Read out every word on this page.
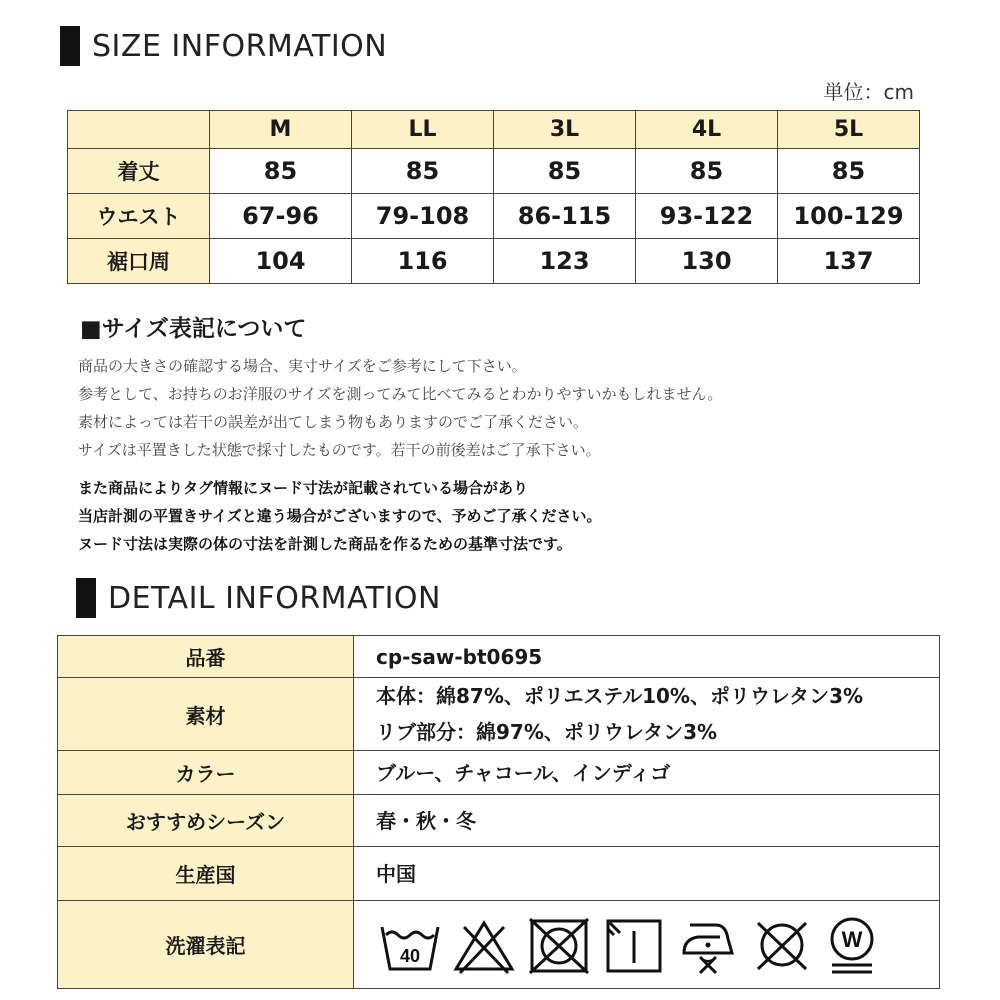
SIZE INFORMATION
単位：cm
	M	LL	3L	4L	5L
着丈	85	85	85	85	85
ウエスト	67-96	79-108	86-115	93-122	100-129
裾口周	104	116	123	130	137
■サイズ表記について
商品の大きさの確認する場合、実寸サイズをご参考にして下さい。
参考として、お持ちのお洋服のサイズを測ってみて比べてみるとわかりやすいかもしれません。
素材によっては若干の誤差が出てしまう物もありますのでご了承ください。
サイズは平置きした状態で採寸したものです。若干の前後差はご了承下さい。
また商品によりタグ情報にヌード寸法が記載されている場合があり
当店計測の平置きサイズと違う場合がございますので、予めご了承ください。
ヌード寸法は実際の体の寸法を計測した商品を作るための基準寸法です。
DETAIL INFORMATION
品番	cp-saw-bt0695

素材	本体：綿87%、ポリエステル10%、ポリウレタン3%
リブ部分：綿97%、ポリウレタン3%

カラー	ブルー、チャコール、インディゴ

おすすめシーズン	春・秋・冬

生産国	中国

洗濯表記	40
W
